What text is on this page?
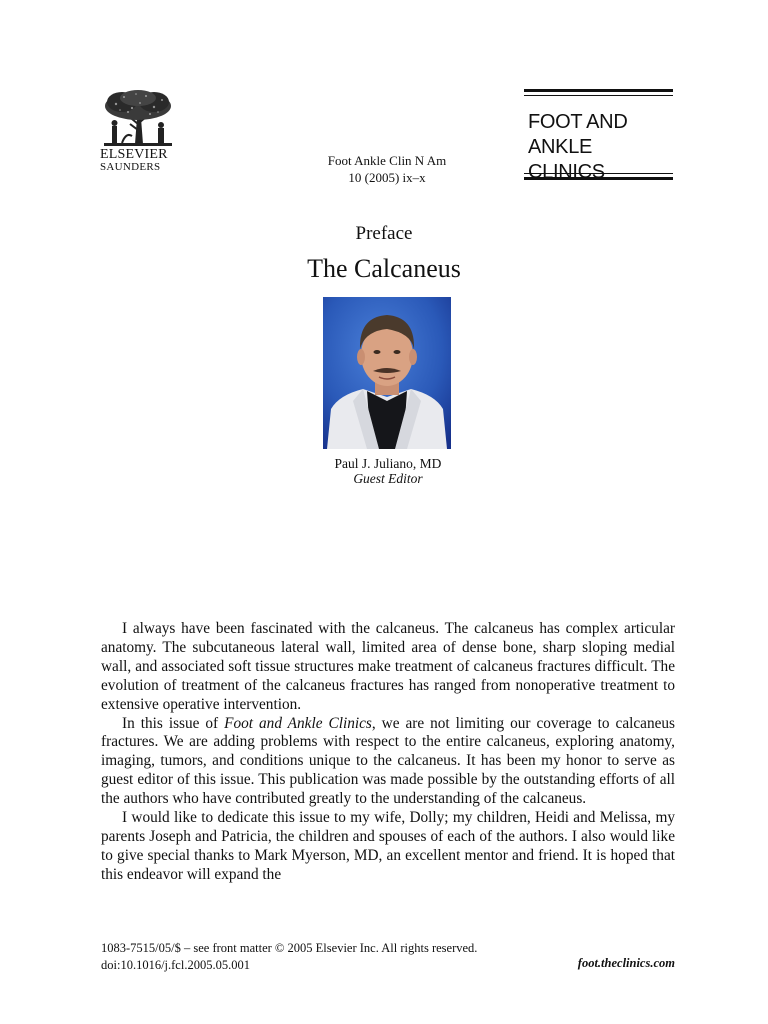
ELSEVIER
SAUNDERS	Foot Ankle Clin N Am
10 (2005) ix–x
FOOT AND
ANKLE CLINICS
Preface
The Calcaneus
Paul J. Juliano, MD
Guest Editor

I always have been fascinated with the calcaneus. The calcaneus has complex articular anatomy. The subcutaneous lateral wall, limited area of dense bone, sharp sloping medial wall, and associated soft tissue structures make treatment of calcaneus fractures difficult. The evolution of treatment of the calcaneus fractures has ranged from nonoperative treatment to extensive operative intervention.

In this issue of Foot and Ankle Clinics, we are not limiting our coverage to calcaneus fractures. We are adding problems with respect to the entire calcaneus, exploring anatomy, imaging, tumors, and conditions unique to the calcaneus. It has been my honor to serve as guest editor of this issue. This publication was made possible by the outstanding efforts of all the authors who have contributed greatly to the understanding of the calcaneus.

I would like to dedicate this issue to my wife, Dolly; my children, Heidi and Melissa, my parents Joseph and Patricia, the children and spouses of each of the authors. I also would like to give special thanks to Mark Myerson, MD, an excellent mentor and friend. It is hoped that this endeavor will expand the

1083-7515/05/$ – see front matter © 2005 Elsevier Inc. All rights reserved.
doi:10.1016/j.fcl.2005.05.001	foot.theclinics.com
